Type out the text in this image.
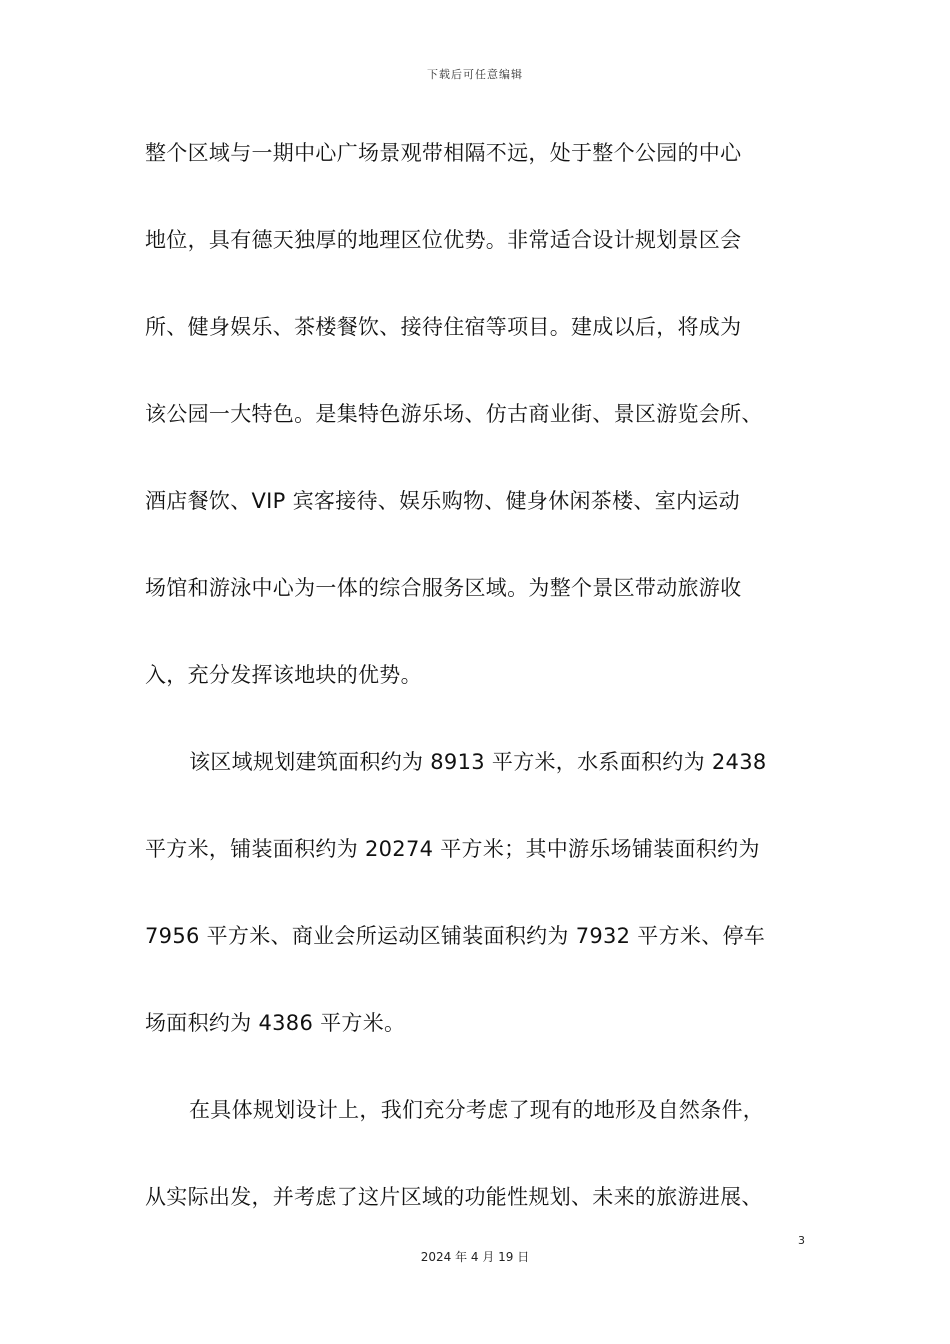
下载后可任意编辑
整个区域与一期中心广场景观带相隔不远，处于整个公园的中心
地位，具有德天独厚的地理区位优势。非常适合设计规划景区会
所、健身娱乐、茶楼餐饮、接待住宿等项目。建成以后，将成为
该公园一大特色。是集特色游乐场、仿古商业街、景区游览会所、
酒店餐饮、VIP 宾客接待、娱乐购物、健身休闲茶楼、室内运动
场馆和游泳中心为一体的综合服务区域。为整个景区带动旅游收
入，充分发挥该地块的优势。
该区域规划建筑面积约为 8913 平方米，水系面积约为 2438
平方米，铺装面积约为 20274 平方米；其中游乐场铺装面积约为
7956 平方米、商业会所运动区铺装面积约为 7932 平方米、停车
场面积约为 4386 平方米。
在具体规划设计上，我们充分考虑了现有的地形及自然条件，
从实际出发，并考虑了这片区域的功能性规划、未来的旅游进展、
3
2024 年 4 月 19 日
